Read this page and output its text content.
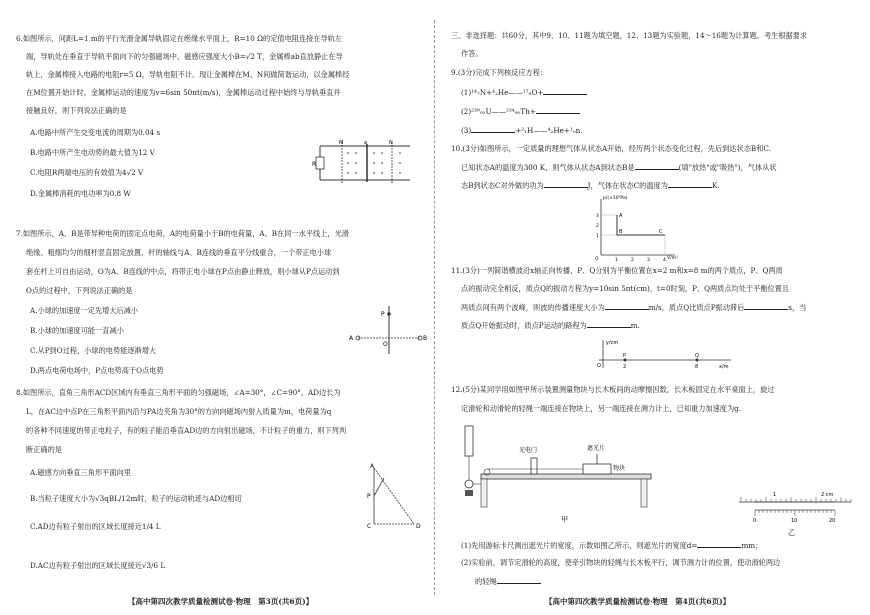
6.如图所示，间距L=1 m的平行光滑金属导轨固定在绝缘水平面上，R=10 Ω的定值电阻连接在导轨左
端，导轨处在垂直于导轨平面向下的匀强磁场中，磁感应强度大小B=√2 T，金属棒ab直放静止在导
轨上，金属棒接入电路的电阻r=5 Ω，导轨电阻不计。现让金属棒在M、N间做简谐运动，以金属棒经
在M位置开始计时，金属棒运动的速度为v=6sin 50πt(m/s)，金属棒运动过程中始终与导轨垂直并
接触良好，则下列说法正确的是
A.电路中所产生交变电流的周期为0.04 s
B.电路中所产生电动势的最大值为12 V
C.电阻R两端电压的有效值为4√2 V
D.金属棒消耗的电功率为0.8 W
R
M	a	N
7.如图所示，A、B是带异种电荷的固定点电荷，A的电荷量小于B的电荷量，A、B在同一水平线上，光滑
绝缘、粗细均匀的细杆竖直固定放置，杆的轴线与A、B连线的垂直平分线重合，一个带正电小球
套在杆上可自由运动，O为A、B连线的中点，将带正电小球在P点由静止释放，则小球从P点运动到
O点的过程中，下列说法正确的是
A.小球的加速度一定先增大后减小
B.小球的加速度可能一直减小
C.从P到O过程，小球的电势能逐渐增大
D.两点电荷电场中，P点电势高于O点电势
A	B
P
O
8.如图所示，直角三角形ACD区域内有垂直三角形平面的匀强磁场，∠A=30°，∠C=90°，AD边长为
L，在AC边中点P在三角形平面内沿与PA边夹角为30°的方向向磁场内射入质量为m，电荷量为q
的各种不同速度的带正电粒子，有的粒子能沿垂直AD边的方向射出磁场，不计粒子的重力，则下列判
断正确的是
A.磁感方向垂直三角形平面向里
B.当粒子速度大小为√3qBL/12m时，粒子的运动轨迹与AD边相切
C.AD边有粒子射出的区域长度接近1/4 L
D.AC边有粒子射出的区域长度接近√3/6 L
A
P
C	D
【高中第四次教学质量检测试卷·物理　第3页(共6页)】
三、非选择题：共60分，其中9、10、11题为填空题，12、13题为实验题，14～16题为计算题。考生根据要求
作答。
9.(3分)完成下列核反应方程：
(1)¹⁴₇N+⁴₂He——¹⁷₈O+
(2)²³⁸₉₂U——²³⁴₉₀Th+
(3)	+²₁H——⁴₂He+¹₀n.
10.(3分)如图所示，一定质量的理想气体从状态A开始，经历两个状态变化过程，先后到达状态B和C.
已知状态A的温度为300 K，则气体从状态A到状态B是	(填"放热"或"吸热")，气体从状
态B到状态C对外做的功为	J，气体在状态C的温度为	K.
p/(×10⁵Pa)
V/m³
A
B	C
O
3
2
1
1	2	3	4
11.(3分)一列简谐横波沿x轴正向传播，P、Q分别为平衡位置在x=2 m和x=8 m的两个质点，P、Q两质
点的振动完全相反，质点Q的振动方程为y=10sin 5πt(cm)，t=0时刻，P、Q两质点均处于平衡位置且
两质点间有两个波峰，则波的传播速度大小为	m/s，质点Q比质点P振动滞后	s，当
质点Q开始振动时，质点P运动的路程为	m.
y/cm
x/m
O
P	Q
2	8
12.(5分)某同学用如图甲所示装置测量物块与长木板间的动摩擦因数，长木板固定在水平桌面上，旋过
定滑轮和动滑轮的轻绳一端连接在物块上，另一端连接在测力计上，已知重力加速度为g.
光电门	遮光片
物块
甲
1	2 cm
0	10	20
乙
(1)先用游标卡尺测出遮光片的宽度，示数如图乙所示，则遮光片的宽度d=	mm；
(2)实验前，调节定滑轮的高度，使牵引物块的轻绳与长木板平行，调节测力计的位置，使动滑轮两边
的轻绳
【高中第四次教学质量检测试卷·物理　第4页(共6页)】
